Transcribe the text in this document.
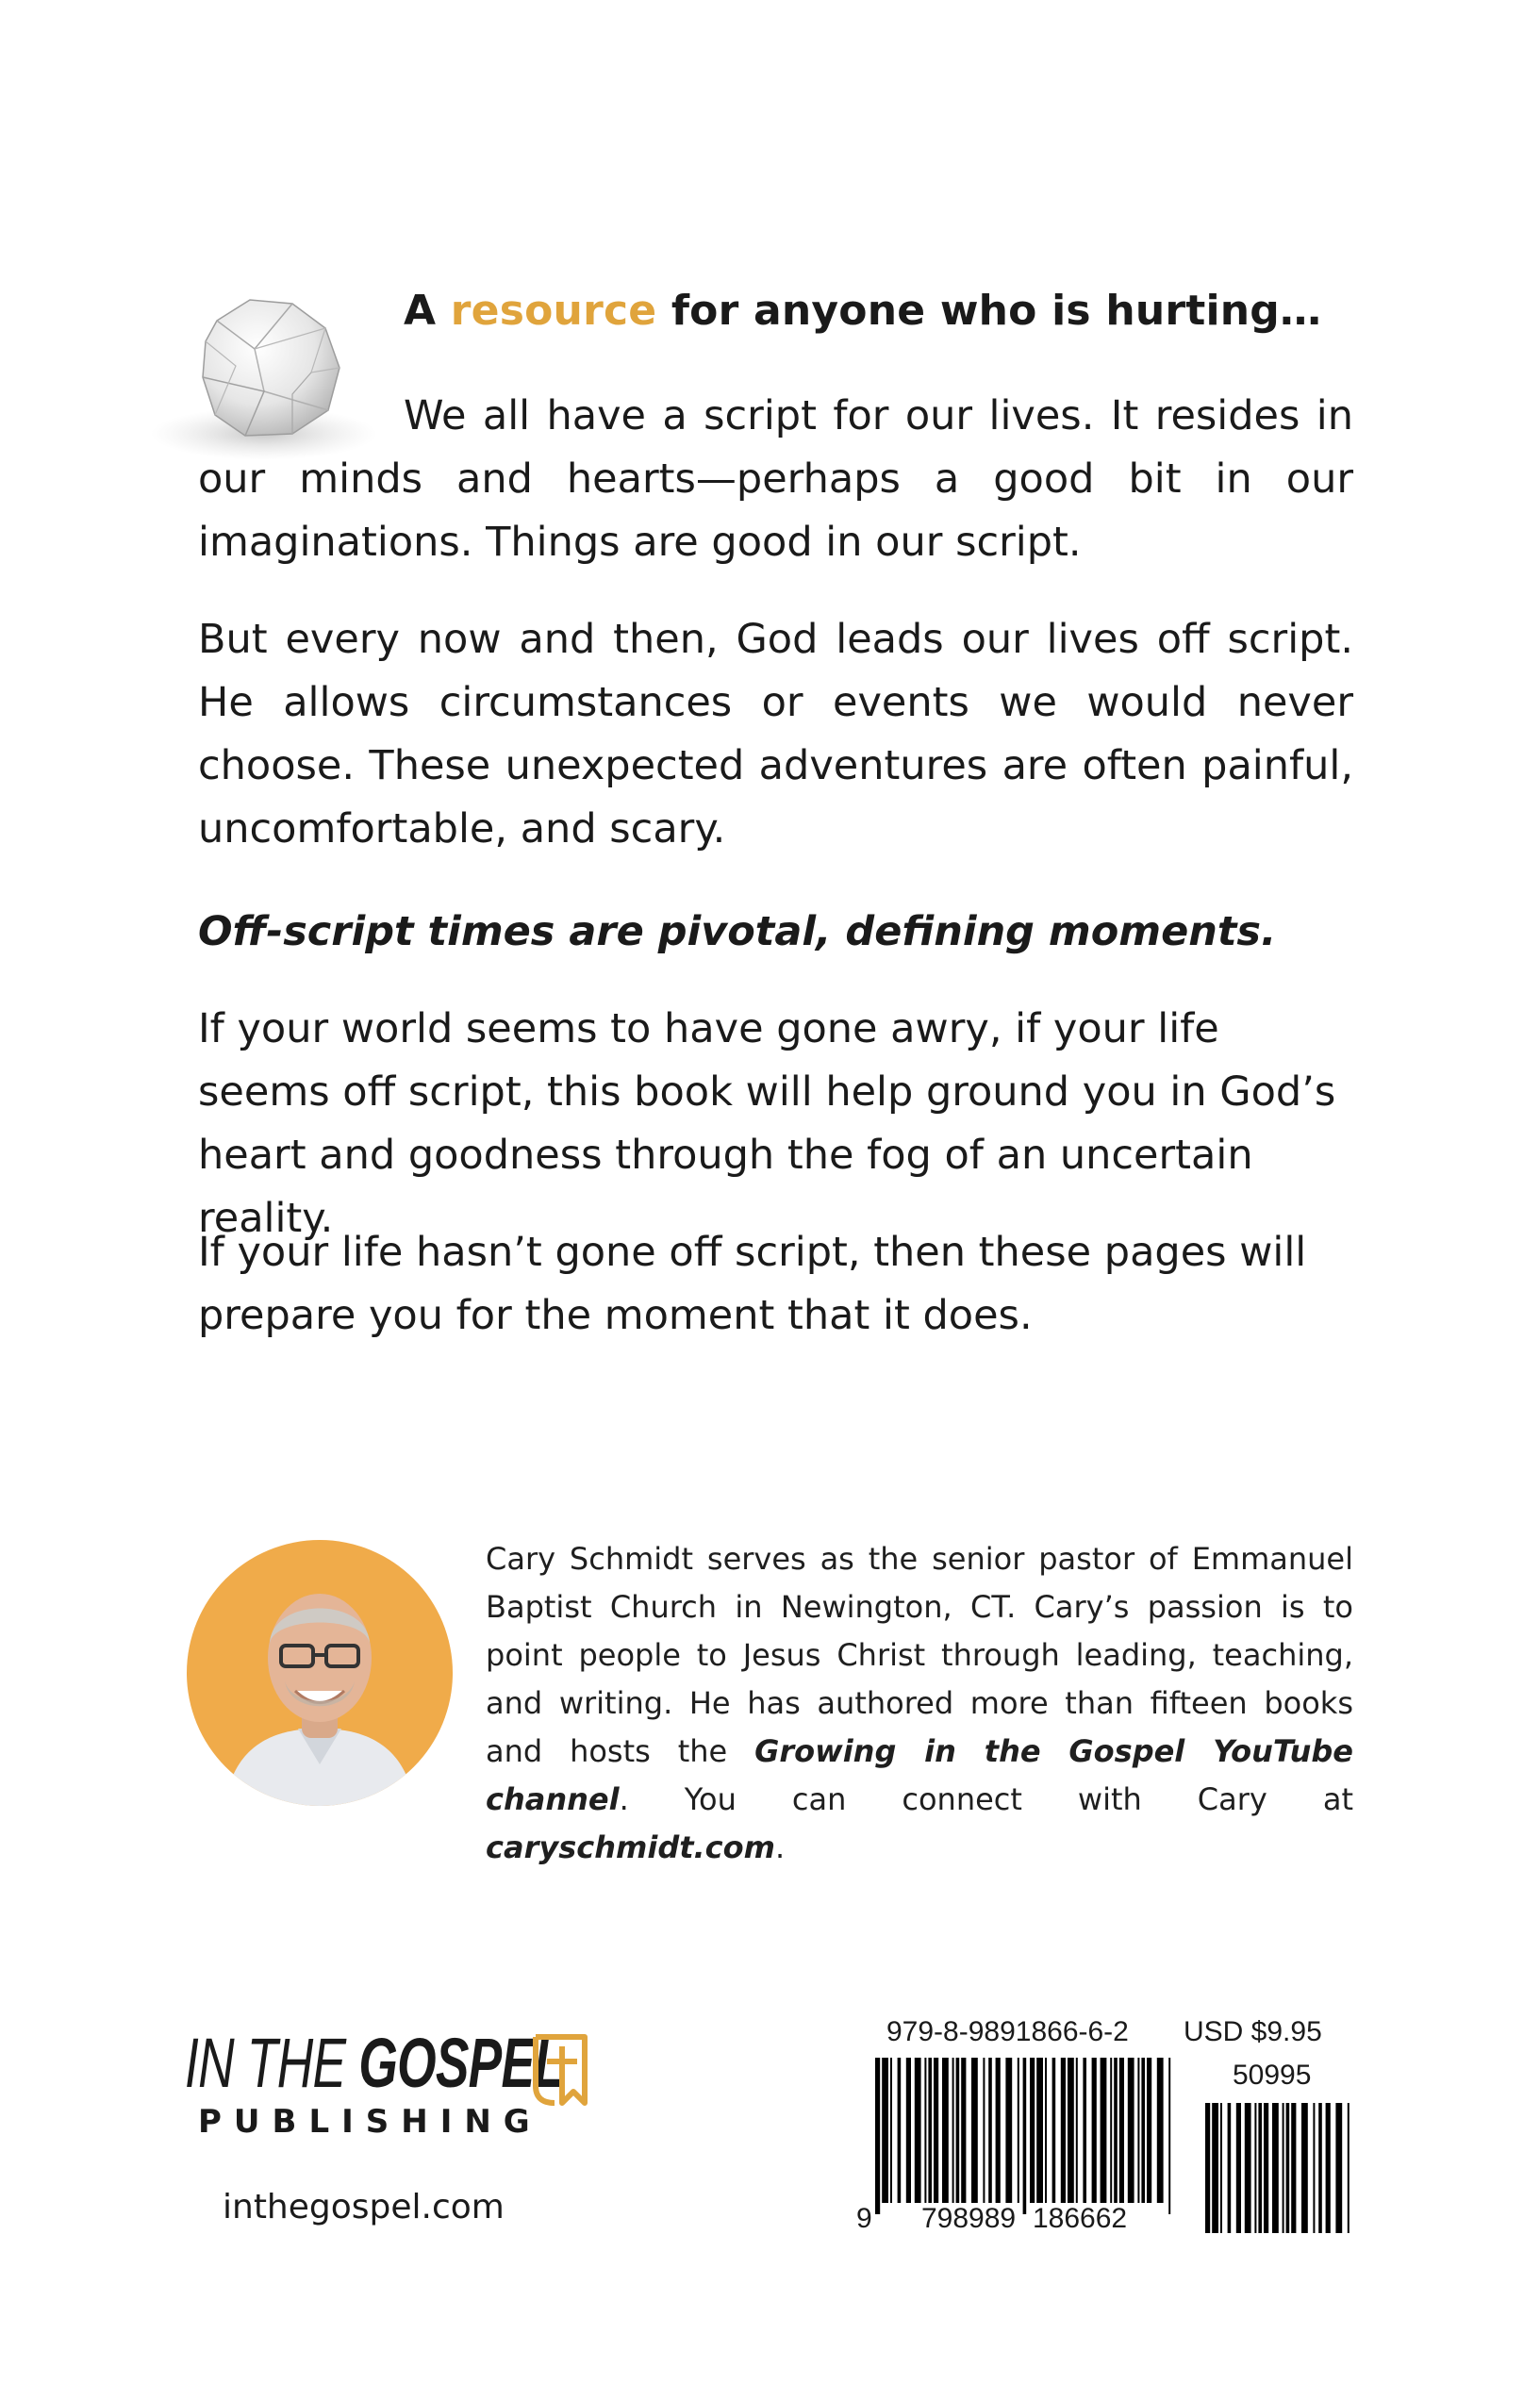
A resource for anyone who is hurting…

We all have a script for our lives. It resides in our minds and hearts—perhaps a good bit in our imaginations. Things are good in our script.

But every now and then, God leads our lives off script. He allows circumstances or events we would never choose. These unexpected adventures are often painful, uncomfortable, and scary.

Off-script times are pivotal, defining moments.

If your world seems to have gone awry, if your life seems off script, this book will help ground you in God’s heart and goodness through the fog of an uncertain reality.

If your life hasn’t gone off script, then these pages will prepare you for the moment that it does.

Cary Schmidt serves as the senior pastor of Emmanuel Baptist Church in Newington, CT. Cary’s passion is to point people to Jesus Christ through leading, teaching, and writing. He has authored more than fifteen books and hosts the Growing in the Gospel YouTube channel. You can connect with Cary at caryschmidt.com.

IN THE GOSPEL
PUBLISHING

inthegospel.com

979-8-9891866-6-2 USD $9.95
50995
9 798989 186662
